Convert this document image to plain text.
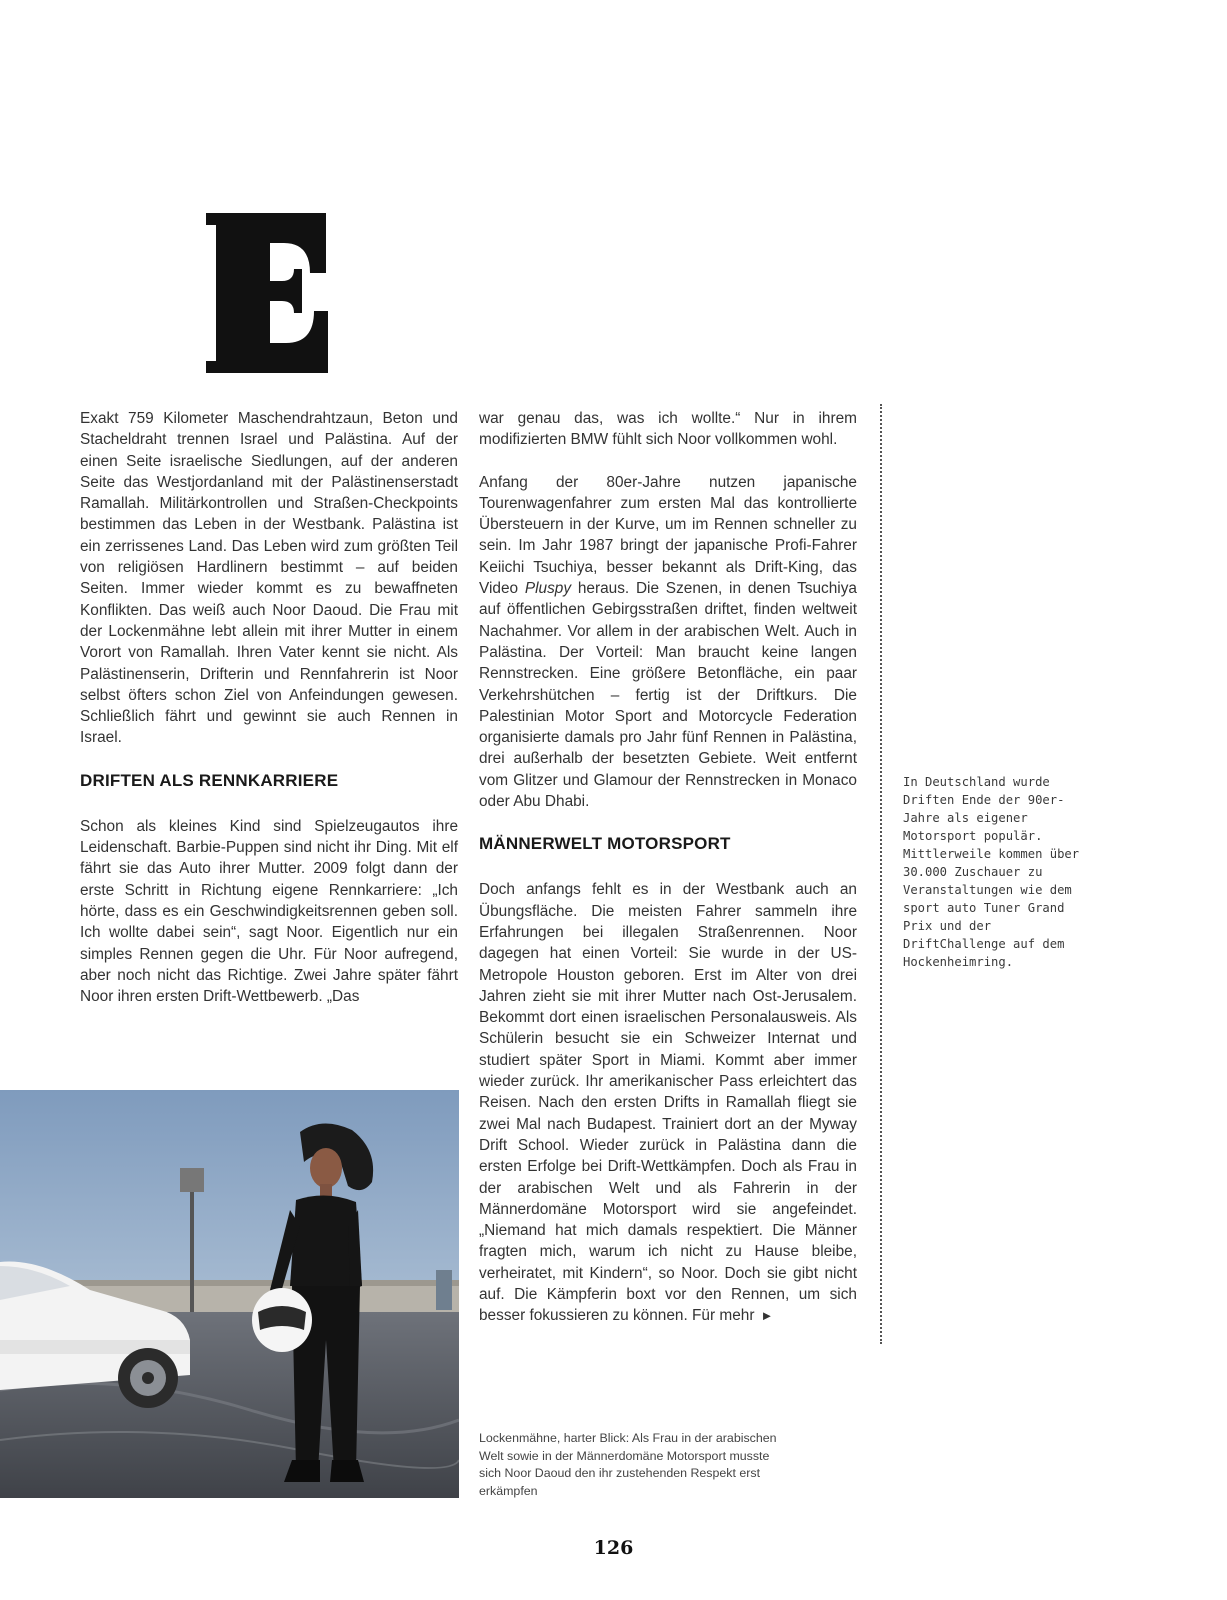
Exakt 759 Kilometer Maschendrahtzaun, Beton und Stacheldraht trennen Israel und Palästina. Auf der einen Seite israelische Siedlungen, auf der anderen Seite das Westjordanland mit der Palästinenserstadt Ramallah. Militärkontrollen und Straßen-Checkpoints bestimmen das Leben in der Westbank. Palästina ist ein zerrissenes Land. Das Leben wird zum größten Teil von religiösen Hardlinern bestimmt – auf beiden Seiten. Immer wieder kommt es zu bewaffneten Konflikten. Das weiß auch Noor Daoud. Die Frau mit der Lockenmähne lebt allein mit ihrer Mutter in einem Vorort von Ramallah. Ihren Vater kennt sie nicht. Als Palästinenserin, Drifterin und Rennfahrerin ist Noor selbst öfters schon Ziel von Anfeindungen gewesen. Schließlich fährt und gewinnt sie auch Rennen in Israel.

DRIFTEN ALS RENNKARRIERE

Schon als kleines Kind sind Spielzeugautos ihre Leidenschaft. Barbie-Puppen sind nicht ihr Ding. Mit elf fährt sie das Auto ihrer Mutter. 2009 folgt dann der erste Schritt in Richtung eigene Rennkarriere: „Ich hörte, dass es ein Geschwindigkeitsrennen geben soll. Ich wollte dabei sein“, sagt Noor. Eigentlich nur ein simples Rennen gegen die Uhr. Für Noor aufregend, aber noch nicht das Richtige. Zwei Jahre später fährt Noor ihren ersten Drift-Wettbewerb. „Das

war genau das, was ich wollte.“ Nur in ihrem modifizierten BMW fühlt sich Noor vollkommen wohl.

Anfang der 80er-Jahre nutzen japanische Tourenwagenfahrer zum ersten Mal das kontrollierte Übersteuern in der Kurve, um im Rennen schneller zu sein. Im Jahr 1987 bringt der japanische Profi-Fahrer Keiichi Tsuchiya, besser bekannt als Drift-King, das Video Pluspy heraus. Die Szenen, in denen Tsuchiya auf öffentlichen Gebirgsstraßen driftet, finden weltweit Nachahmer. Vor allem in der arabischen Welt. Auch in Palästina. Der Vorteil: Man braucht keine langen Rennstrecken. Eine größere Betonfläche, ein paar Verkehrshütchen – fertig ist der Driftkurs. Die Palestinian Motor Sport and Motorcycle Federation organisierte damals pro Jahr fünf Rennen in Palästina, drei außerhalb der besetzten Gebiete. Weit entfernt vom Glitzer und Glamour der Rennstrecken in Monaco oder Abu Dhabi.

MÄNNERWELT MOTORSPORT

Doch anfangs fehlt es in der Westbank auch an Übungsfläche. Die meisten Fahrer sammeln ihre Erfahrungen bei illegalen Straßenrennen. Noor dagegen hat einen Vorteil: Sie wurde in der US-Metropole Houston geboren. Erst im Alter von drei Jahren zieht sie mit ihrer Mutter nach Ost-Jerusalem. Bekommt dort einen israelischen Personalausweis. Als Schülerin besucht sie ein Schweizer Internat und studiert später Sport in Miami. Kommt aber immer wieder zurück. Ihr amerikanischer Pass erleichtert das Reisen. Nach den ersten Drifts in Ramallah fliegt sie zwei Mal nach Budapest. Trainiert dort an der Myway Drift School. Wieder zurück in Palästina dann die ersten Erfolge bei Drift-Wettkämpfen. Doch als Frau in der arabischen Welt und als Fahrerin in der Männerdomäne Motorsport wird sie angefeindet. „Niemand hat mich damals respektiert. Die Männer fragten mich, warum ich nicht zu Hause bleibe, verheiratet, mit Kindern“, so Noor. Doch sie gibt nicht auf. Die Kämpferin boxt vor den Rennen, um sich besser fokussieren zu können. Für mehr ►

In Deutschland wurde Driften Ende der 90er-Jahre als eigener Motorsport populär. Mittlerweile kommen über 30.000 Zuschauer zu Veranstaltungen wie dem sport auto Tuner Grand Prix und der DriftChallenge auf dem Hockenheimring.
Lockenmähne, harter Blick: Als Frau in der arabischen Welt sowie in der Männerdomäne Motorsport musste sich Noor Daoud den ihr zustehenden Respekt erst erkämpfen
126
